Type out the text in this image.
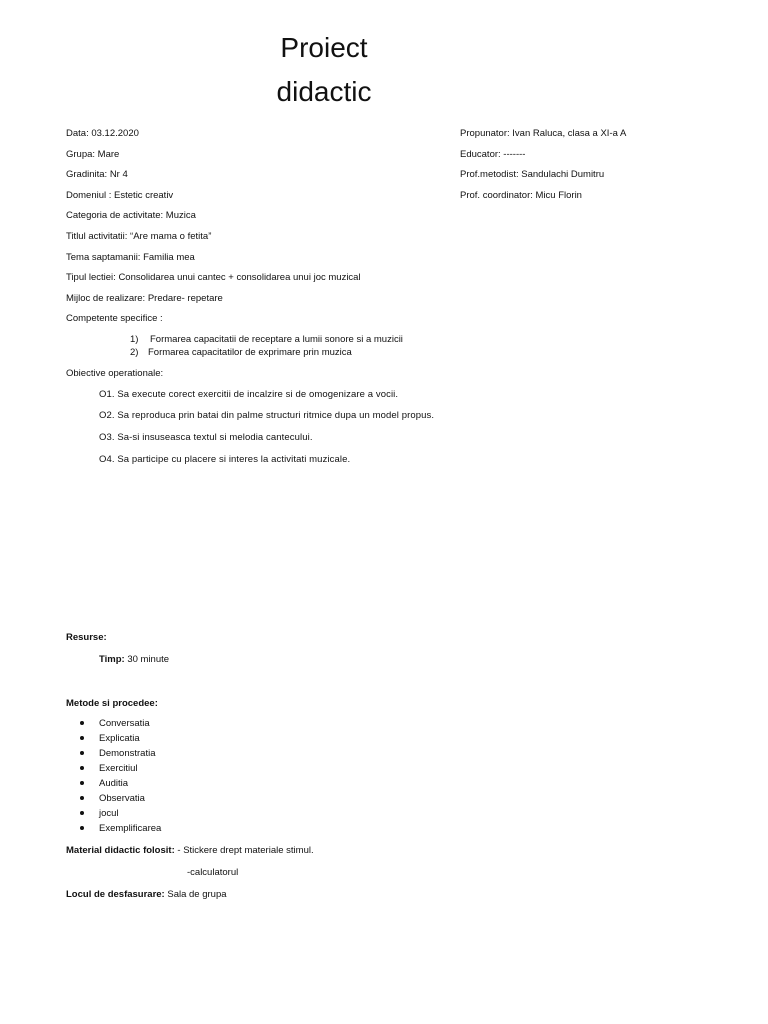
Proiect
didactic
Data: 03.12.2020
Grupa: Mare
Gradinita: Nr 4
Domeniul : Estetic creativ
Categoria de activitate: Muzica
Titlul activitatii: “Are mama o fetita”
Tema saptamanii: Familia mea
Tipul lectiei: Consolidarea unui cantec + consolidarea unui joc muzical
Mijloc de realizare: Predare- repetare
Competente specifice :
Propunator: Ivan Raluca, clasa a XI-a A
Educator: -------
Prof.metodist: Sandulachi Dumitru
Prof. coordinator: Micu Florin
1) Formarea capacitatii de receptare a lumii sonore si a muzicii
2) Formarea capacitatilor de exprimare prin muzica
Obiective operationale:
O1. Sa execute corect exercitii de incalzire si de omogenizare a vocii.
O2. Sa reproduca prin batai din palme structuri ritmice dupa un model propus.
O3. Sa-si insuseasca textul si melodia cantecului.
O4. Sa participe cu placere si interes la activitati muzicale.
Resurse:
Timp: 30 minute
Metode si procedee:
Conversatia
Explicatia
Demonstratia
Exercitiul
Auditia
Observatia
jocul
Exemplificarea
Material didactic folosit: - Stickere drept materiale stimul.
-calculatorul
Locul de desfasurare: Sala de grupa
